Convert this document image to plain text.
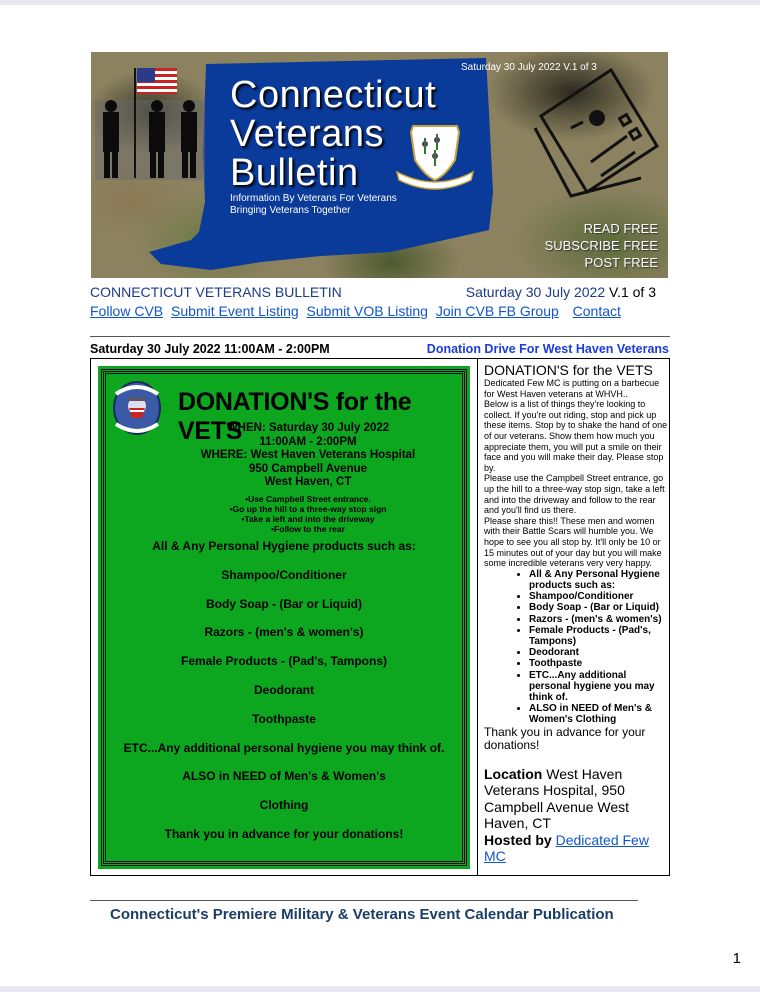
Saturday 30 July 2022 V.1 of 3
Connecticut
Veterans
Bulletin
Information By Veterans For Veterans
Bringing Veterans Together
READ FREE
SUBSCRIBE FREE
POST FREE
CONNECTICUT VETERANS BULLETIN	Saturday 30 July 2022 V.1 of 3
Follow CVB Submit Event Listing Submit VOB Listing Join CVB FB Group Contact
Saturday 30 July 2022 11:00AM - 2:00PM	Donation Drive For West Haven Veterans
DONATION'S for the VETS
WHEN: Saturday 30 July 2022
11:00AM - 2:00PM
WHERE: West Haven Veterans Hospital
950 Campbell Avenue
West Haven, CT
•Use Campbell Street entrance.
•Go up the hill to a three-way stop sign
•Take a left and into the driveway
•Follow to the rear
All & Any Personal Hygiene products such as:
Shampoo/Conditioner
Body Soap - (Bar or Liquid)
Razors - (men's & women's)
Female Products - (Pad's, Tampons)
Deodorant
Toothpaste
ETC...Any additional personal hygiene you may think of.
ALSO in NEED of Men's & Women's
Clothing
Thank you in advance for your donations!
DONATION'S for the VETS
Dedicated Few MC is putting on a barbecue for West Haven veterans at WHVH..
Below is a list of things they're looking to collect. If you're out riding, stop and pick up these items. Stop by to shake the hand of one of our veterans. Show them how much you appreciate them, you will put a smile on their face and you will make their day. Please stop by.
Please use the Campbell Street entrance, go up the hill to a three-way stop sign, take a left and into the driveway and follow to the rear and you'll find us there.
Please share this!! These men and women with their Battle Scars will humble you. We hope to see you all stop by. It'll only be 10 or 15 minutes out of your day but you will make some incredible veterans very very happy.
• All & Any Personal Hygiene products such as:
• Shampoo/Conditioner
• Body Soap - (Bar or Liquid)
• Razors - (men's & women's)
• Female Products - (Pad's, Tampons)
• Deodorant
• Toothpaste
• ETC...Any additional personal hygiene you may think of.
• ALSO in NEED of Men's & Women's Clothing
Thank you in advance for your donations!
Location West Haven Veterans Hospital, 950 Campbell Avenue West Haven, CT
Hosted by Dedicated Few MC
Connecticut's Premiere Military & Veterans Event Calendar Publication
1
